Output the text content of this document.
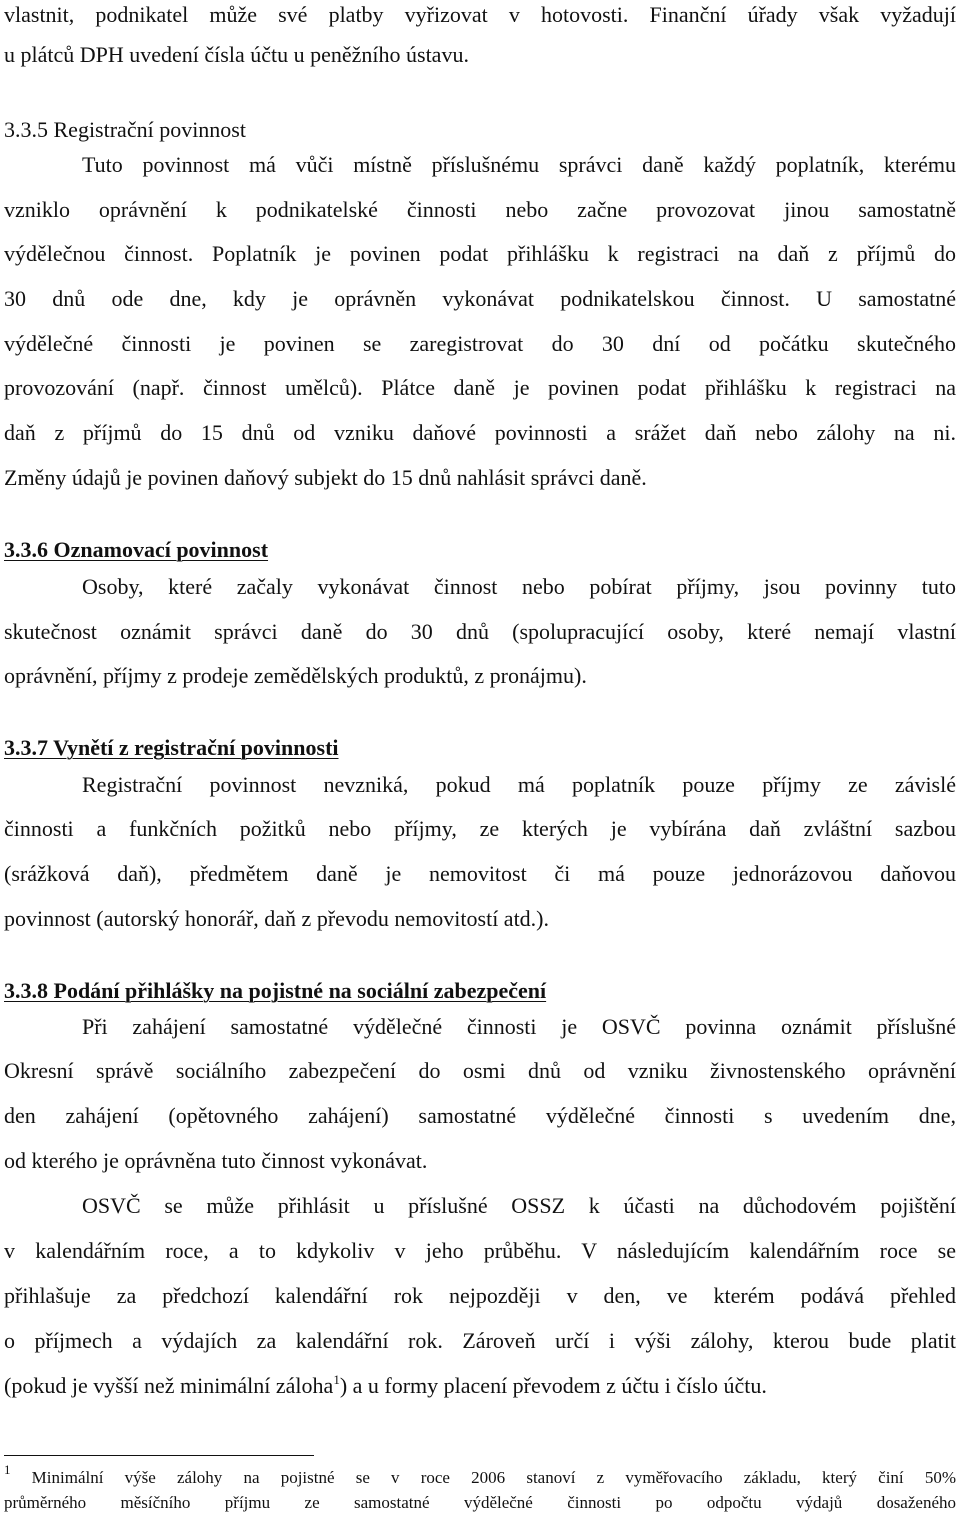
vlastnit, podnikatel může své platby vyřizovat v hotovosti. Finanční úřady však vyžadují
u plátců DPH uvedení čísla účtu u peněžního ústavu.
3.3.5 Registrační povinnost
Tuto povinnost má vůči místně příslušnému správci daně každý poplatník, kterému
vzniklo oprávnění k podnikatelské činnosti nebo začne provozovat jinou samostatně
výdělečnou činnost. Poplatník je povinen podat přihlášku k registraci na daň z příjmů do
30 dnů ode dne, kdy je oprávněn vykonávat podnikatelskou činnost. U samostatné
výdělečné činnosti je povinen se zaregistrovat do 30 dní od počátku skutečného
provozování (např. činnost umělců). Plátce daně je povinen podat přihlášku k registraci na
daň z příjmů do 15 dnů od vzniku daňové povinnosti a srážet daň nebo zálohy na ni.
Změny údajů je povinen daňový subjekt do 15 dnů nahlásit správci daně.
3.3.6 Oznamovací povinnost
Osoby, které začaly vykonávat činnost nebo pobírat příjmy, jsou povinny tuto
skutečnost oznámit správci daně do 30 dnů (spolupracující osoby, které nemají vlastní
oprávnění, příjmy z prodeje zemědělských produktů, z pronájmu).
3.3.7 Vynětí z registrační povinnosti
Registrační povinnost nevzniká, pokud má poplatník pouze příjmy ze závislé
činnosti a funkčních požitků nebo příjmy, ze kterých je vybírána daň zvláštní sazbou
(srážková daň), předmětem daně je nemovitost či má pouze jednorázovou daňovou
povinnost (autorský honorář, daň z převodu nemovitostí atd.).
3.3.8 Podání přihlášky na pojistné na sociální zabezpečení
Při zahájení samostatné výdělečné činnosti je OSVČ povinna oznámit příslušné
Okresní správě sociálního zabezpečení do osmi dnů od vzniku živnostenského oprávnění
den zahájení (opětovného zahájení) samostatné výdělečné činnosti s uvedením dne,
od kterého je oprávněna tuto činnost vykonávat.
OSVČ se může přihlásit u příslušné OSSZ k účasti na důchodovém pojištění
v kalendářním roce, a to kdykoliv v jeho průběhu. V následujícím kalendářním roce se
přihlašuje za předchozí kalendářní rok nejpozději v den, ve kterém podává přehled
o příjmech a výdajích za kalendářní rok. Zároveň určí i výši zálohy, kterou bude platit
(pokud je vyšší než minimální záloha$^1$) a u formy placení převodem z účtu i číslo účtu.
$^1$ Minimální výše zálohy na pojistné se v roce 2006 stanoví z vyměřovacího základu, který činí 50%
průměrného měsíčního příjmu ze samostatné výdělečné činnosti po odpočtu výdajů dosaženého
